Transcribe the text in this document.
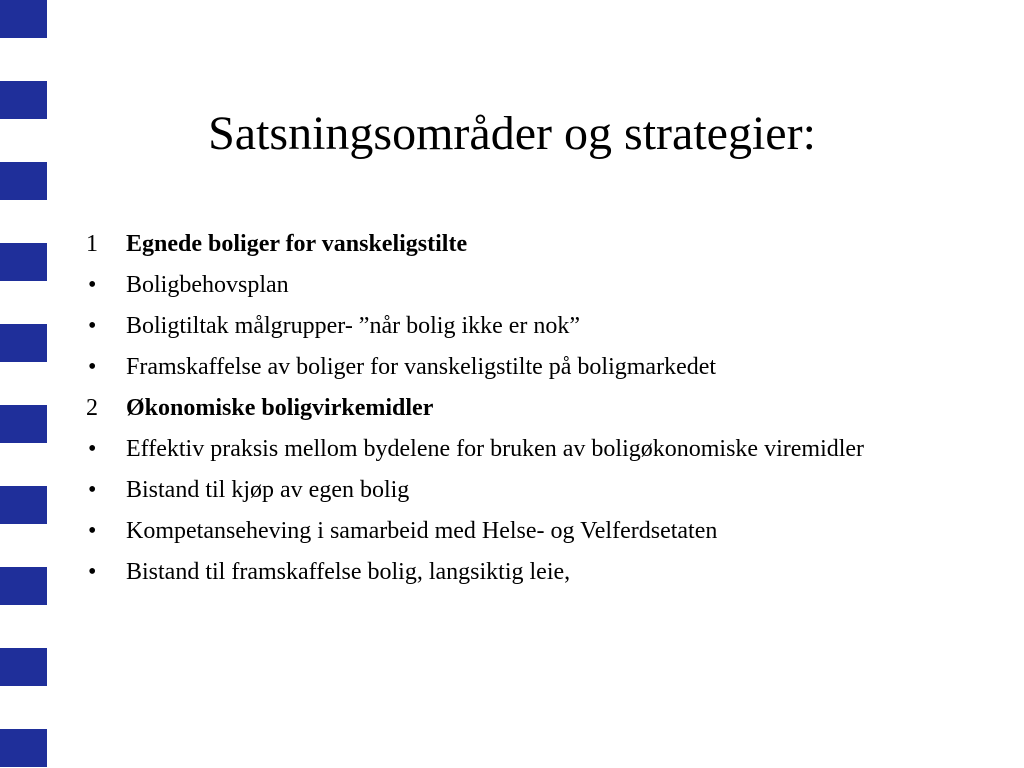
Satsningsområder og strategier:
1	Egnede boliger for vanskeligstilte
•	Boligbehovsplan
•	Boligtiltak målgrupper- ”når bolig ikke er nok”
•	Framskaffelse av boliger for vanskeligstilte på boligmarkedet
2	Økonomiske boligvirkemidler
•	Effektiv praksis mellom bydelene for bruken av boligøkonomiske viremidler
•	Bistand til kjøp av egen bolig
•	Kompetanseheving i samarbeid med Helse- og Velferdsetaten
•	Bistand til framskaffelse bolig, langsiktig leie,
